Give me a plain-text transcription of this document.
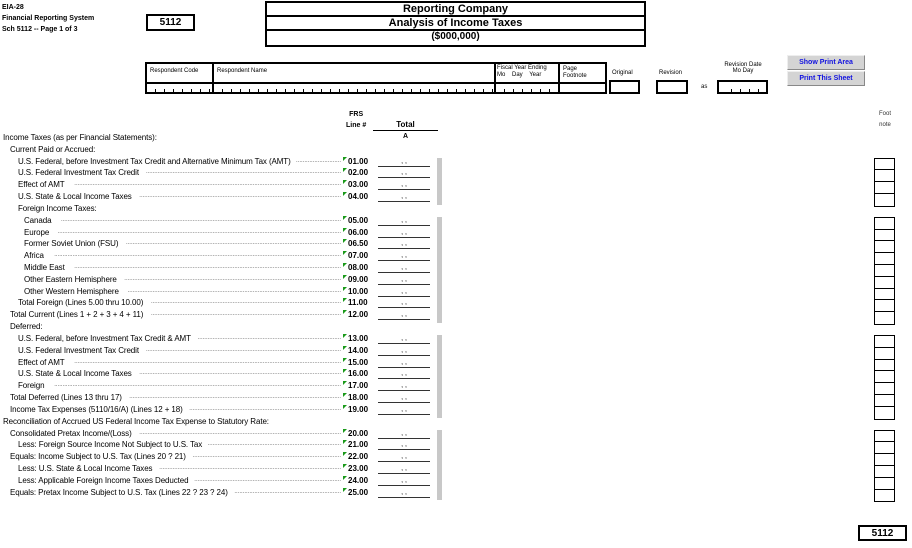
EIA-28
Financial Reporting System
Sch 5112 -- Page 1 of 3
5112
Reporting Company
Analysis of Income Taxes
($000,000)
Respondent Code	Respondent Name	Fiscal Year Ending
Mo    Day    Year
Page Footnote	Original	Revision
as
Revision Date
Mo Day
Show Print Area
Print This Sheet
FRS
Line #	Total
A
Foot
note
Income Taxes (as per Financial Statements):
Current Paid or Accrued:
U.S. Federal, before Investment Tax Credit and Alternative Minimum Tax (AMT) ........................... 01.00	, ,
U.S. Federal Investment Tax Credit	..................................................................................................................... 02.00	, ,
Effect of AMT	................................................................................................................................................................ 03.00	, ,
U.S. State & Local Income Taxes	......................................................................................................................... 04.00	, ,
Foreign Income Taxes:
Canada	........................................................................................................................................................................ 05.00	, ,
Europe	.......................................................................................................................................................................... 06.00	, ,
Former Soviet Union (FSU)	................................................................................................................................. 06.50	, ,
Africa	............................................................................................................................................................................ 07.00	, ,
Middle East	................................................................................................................................................................ 08.00	, ,
Other Eastern Hemisphere	.................................................................................................................................. 09.00	, ,
Other Western Hemisphere	................................................................................................................................ 10.00	, ,
Total Foreign (Lines 5.00 thru 10.00)	.................................................................................................................. 11.00	, ,
Total Current (Lines 1 + 2 + 3 + 4 + 11)	.................................................................................................................. 12.00	, ,
Deferred:
U.S. Federal, before Investment Tax Credit & AMT	...................................................................................... 13.00	, ,
U.S. Federal Investment Tax Credit	..................................................................................................................... 14.00	, ,
Effect of AMT	................................................................................................................................................................ 15.00	, ,
U.S. State & Local Income Taxes	......................................................................................................................... 16.00	, ,
Foreign	............................................................................................................................................................................ 17.00	, ,
Total Deferred (Lines 13 thru 17)	............................................................................................................................... 18.00	, ,
Income Tax Expenses (5110/16/A) (Lines 12 + 18)	........................................................................................... 19.00	, ,
Reconciliation of Accrued US Federal Income Tax Expense to Statutory Rate:
Consolidated Pretax Income/(Loss)	......................................................................................................................... 20.00	, ,
Less: Foreign Source Income Not Subject to U.S. Tax ................................................................................ 21.00	, ,
Equals: Income Subject to U.S. Tax (Lines 20 ? 21)	......................................................................................... 22.00	, ,
Less: U.S. State & Local Income Taxes	............................................................................................................. 23.00	, ,
Less: Applicable Foreign Income Taxes Deducted ........................................................................................ 24.00	, ,
Equals: Pretax Income Subject to U.S. Tax (Lines 22 ? 23 ? 24)	................................................................ 25.00	, ,
5112
